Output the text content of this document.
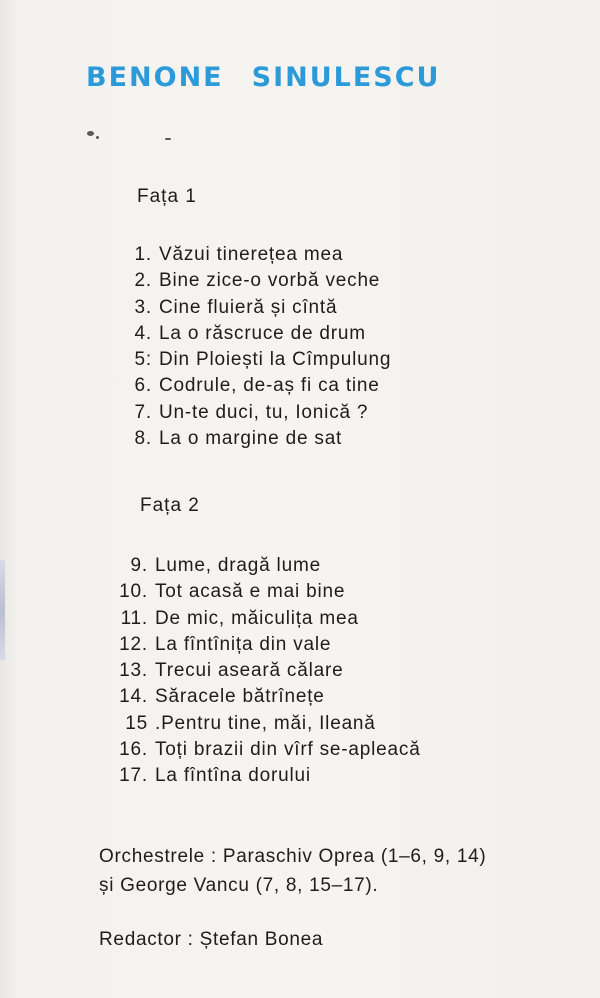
BENONE SINULESCU
Fața 1
1. Văzui tinerețea mea
2. Bine zice-o vorbă veche
3. Cine fluieră și cîntă
4. La o răscruce de drum
5: Din Ploiești la Cîmpulung
6. Codrule, de-aș fi ca tine
7. Un-te duci, tu, Ionică ?
8. La o margine de sat
Fața 2
9. Lume, dragă lume
10. Tot acasă e mai bine
11. De mic, măiculița mea
12. La fîntînița din vale
13. Trecui aseară călare
14. Săracele bătrînețe
15 .Pentru tine, măi, Ileană
16. Toți brazii din vîrf se-apleacă
17. La fîntîna dorului
Orchestrele : Paraschiv Oprea (1–6, 9, 14)
și George Vancu (7, 8, 15–17).
Redactor : Ștefan Bonea
